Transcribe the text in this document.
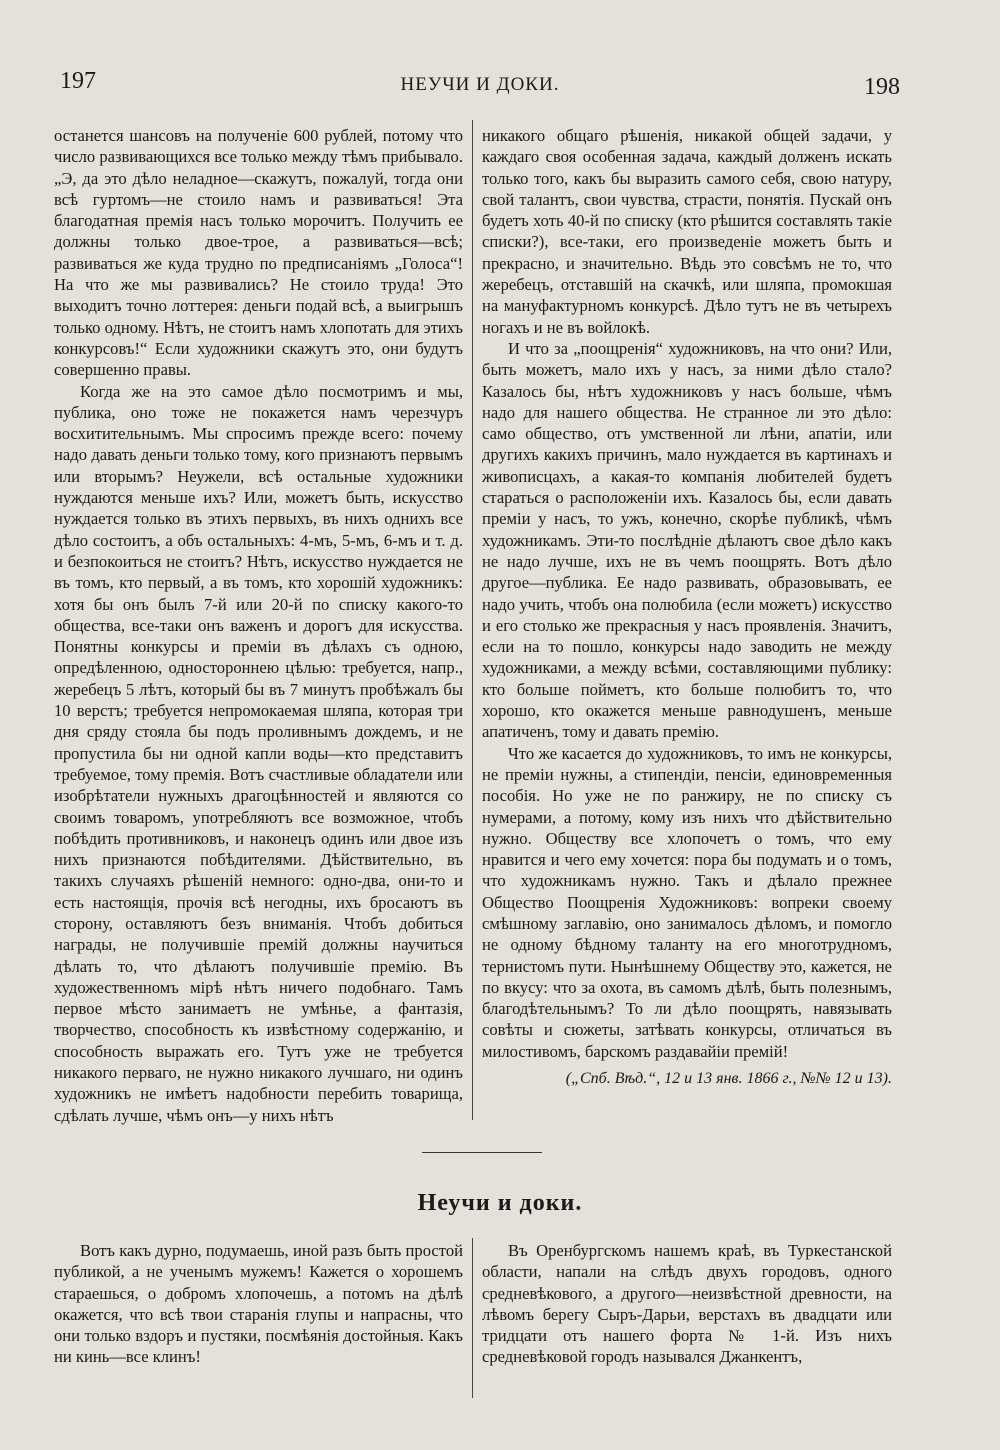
197	НЕУЧИ И ДОКИ.	198

останется шансовъ на полученіе 600 рублей, потому что число развивающихся все только между тѣмъ прибывало. „Э, да это дѣло неладное—скажутъ, пожалуй, тогда они всѣ гуртомъ—не стоило намъ и развиваться! Эта благодатная премія насъ только морочитъ. Получить ее должны только двое-трое, а развиваться—всѣ; развиваться же куда трудно по предписаніямъ „Голоса“! На что же мы развивались? Не стоило труда! Это выходитъ точно лоттерея: деньги подай всѣ, а выигрышъ только одному. Нѣтъ, не стоитъ намъ хлопотать для этихъ конкурсовъ!“ Если художники скажутъ это, они будутъ совершенно правы.

Когда же на это самое дѣло посмотримъ и мы, публика, оно тоже не покажется намъ черезчуръ восхитительнымъ. Мы спросимъ прежде всего: почему надо давать деньги только тому, кого признаютъ первымъ или вторымъ? Неужели, всѣ остальные художники нуждаются меньше ихъ? Или, можетъ быть, искусство нуждается только въ этихъ первыхъ, въ нихъ однихъ все дѣло состоитъ, а объ остальныхъ: 4-мъ, 5-мъ, 6-мъ и т. д. и безпокоиться не стоитъ? Нѣтъ, искусство нуждается не въ томъ, кто первый, а въ томъ, кто хорошій художникъ: хотя бы онъ былъ 7-й или 20-й по списку какого-то общества, все-таки онъ важенъ и дорогъ для искусства. Понятны конкурсы и преміи въ дѣлахъ съ одною, опредѣленною, одностороннею цѣлью: требуется, напр., жеребецъ 5 лѣтъ, который бы въ 7 минутъ пробѣжалъ бы 10 верстъ; требуется непромокаемая шляпа, которая три дня сряду стояла бы подъ проливнымъ дождемъ, и не пропустила бы ни одной капли воды—кто представитъ требуемое, тому премія. Вотъ счастливые обладатели или изобрѣтатели нужныхъ драгоцѣнностей и являются со своимъ товаромъ, употребляютъ все возможное, чтобъ побѣдить противниковъ, и наконецъ одинъ или двое изъ нихъ признаются побѣдителями. Дѣйствительно, въ такихъ случаяхъ рѣшеній немного: одно-два, они-то и есть настоящія, прочія всѣ негодны, ихъ бросаютъ въ сторону, оставляютъ безъ вниманія. Чтобъ добиться награды, не получившіе премій должны научиться дѣлать то, что дѣлаютъ получившіе премію. Въ художественномъ мірѣ нѣтъ ничего подобнаго. Тамъ первое мѣсто занимаетъ не умѣнье, а фантазія, творчество, способность къ извѣстному содержанію, и способность выражать его. Тутъ уже не требуется никакого перваго, не нужно никакого лучшаго, ни одинъ художникъ не имѣетъ надобности перебить товарища, сдѣлать лучше, чѣмъ онъ—у нихъ нѣтъ

никакого общаго рѣшенія, никакой общей задачи, у каждаго своя особенная задача, каждый долженъ искать только того, какъ бы выразить самого себя, свою натуру, свой талантъ, свои чувства, страсти, понятія. Пускай онъ будетъ хоть 40-й по списку (кто рѣшится составлять такіе списки?), все-таки, его произведеніе можетъ быть и прекрасно, и значительно. Вѣдь это совсѣмъ не то, что жеребецъ, отставшій на скачкѣ, или шляпа, промокшая на мануфактурномъ конкурсѣ. Дѣло тутъ не въ четырехъ ногахъ и не въ войлокѣ.

И что за „поощренія“ художниковъ, на что они? Или, быть можетъ, мало ихъ у насъ, за ними дѣло стало? Казалось бы, нѣтъ художниковъ у насъ больше, чѣмъ надо для нашего общества. Не странное ли это дѣло: само общество, отъ умственной ли лѣни, апатіи, или другихъ какихъ причинъ, мало нуждается въ картинахъ и живописцахъ, а какая-то компанія любителей будетъ стараться о расположеніи ихъ. Казалось бы, если давать преміи у насъ, то ужъ, конечно, скорѣе публикѣ, чѣмъ художникамъ. Эти-то послѣдніе дѣлаютъ свое дѣло какъ не надо лучше, ихъ не въ чемъ поощрять. Вотъ дѣло другое—публика. Ее надо развивать, образовывать, ее надо учить, чтобъ она полюбила (если можетъ) искусство и его столько же прекрасныя у насъ проявленія. Значитъ, если на то пошло, конкурсы надо заводить не между художниками, а между всѣми, составляющими публику: кто больше пойметъ, кто больше полюбитъ то, что хорошо, кто окажется меньше равнодушенъ, меньше апатиченъ, тому и давать премію.

Что же касается до художниковъ, то имъ не конкурсы, не преміи нужны, а стипендіи, пенсіи, единовременныя пособія. Но уже не по ранжиру, не по списку съ нумерами, а потому, кому изъ нихъ что дѣйствительно нужно. Обществу все хлопочетъ о томъ, что ему нравится и чего ему хочется: пора бы подумать и о томъ, что художникамъ нужно. Такъ и дѣлало прежнее Общество Поощренія Художниковъ: вопреки своему смѣшному заглавію, оно занималось дѣломъ, и помогло не одному бѣдному таланту на его многотрудномъ, тернистомъ пути. Нынѣшнему Обществу это, кажется, не по вкусу: что за охота, въ самомъ дѣлѣ, быть полезнымъ, благодѣтельнымъ? То ли дѣло поощрять, навязывать совѣты и сюжеты, затѣвать конкурсы, отличаться въ милостивомъ, барскомъ раздавайіи премій!

(„Спб. Вѣд.“, 12 и 13 янв. 1866 г., №№ 12 и 13).
Неучи и доки.

Вотъ какъ дурно, подумаешь, иной разъ быть простой публикой, а не ученымъ мужемъ! Кажется о хорошемъ стараешься, о добромъ хлопочешь, а потомъ на дѣлѣ окажется, что всѣ твои старанія глупы и напрасны, что они только вздоръ и пустяки, посмѣянія достойныя. Какъ ни кинь—все клинъ!

Въ Оренбургскомъ нашемъ краѣ, въ Туркестанской области, напали на слѣдъ двухъ городовъ, одного средневѣкового, а другого—неизвѣстной древности, на лѣвомъ берегу Сыръ-Дарьи, верстахъ въ двадцати или тридцати отъ нашего форта № 1-й. Изъ нихъ средневѣковой городъ назывался Джанкентъ,
